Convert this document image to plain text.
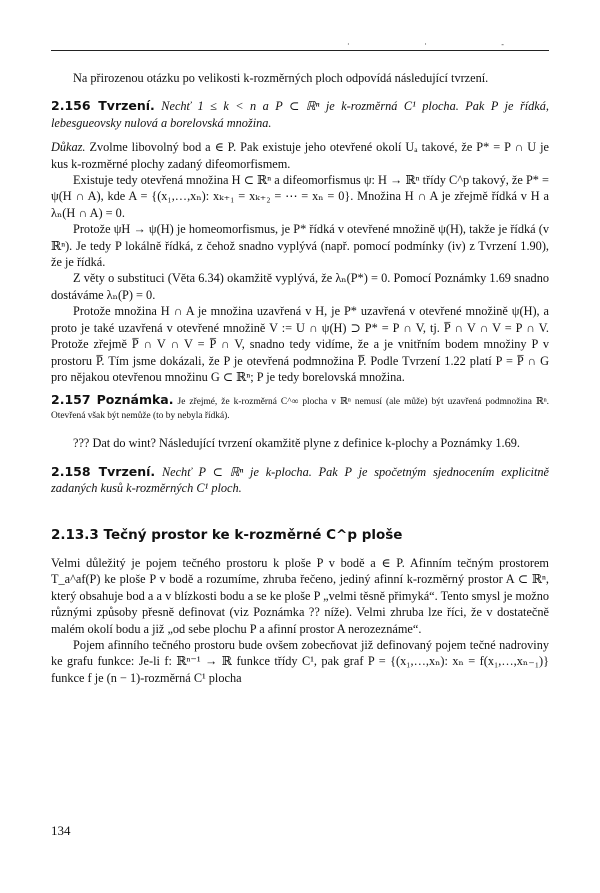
· · -

Na přirozenou otázku po velikosti k-rozměrných ploch odpovídá následující tvrzení.

2.156 Tvrzení. Nechť 1 ≤ k < n a P ⊂ ℝⁿ je k-rozměrná C¹ plocha. Pak P je řídká, lebesgueovsky nulová a borelovská množina.

Důkaz. Zvolme libovolný bod a ∈ P. Pak existuje jeho otevřené okolí Uₐ takové, že P* = P ∩ U je kus k-rozměrné plochy zadaný difeomorfismem.

Existuje tedy otevřená množina H ⊂ ℝⁿ a difeomorfismus ψ: H → ℝⁿ třídy C^p takový, že P* = ψ(H ∩ A), kde A = {(x₁,…,xₙ): xₖ₊₁ = xₖ₊₂ = ⋯ = xₙ = 0}. Množina H ∩ A je zřejmě řídká v H a λₙ(H ∩ A) = 0.

Protože ψH → ψ(H) je homeomorfismus, je P* řídká v otevřené množině ψ(H), takže je řídká (v ℝⁿ). Je tedy P lokálně řídká, z čehož snadno vyplývá (např. pomocí podmínky (iv) z Tvrzení 1.90), že je řídká.

Z věty o substituci (Věta 6.34) okamžitě vyplývá, že λₙ(P*) = 0. Pomocí Poznámky 1.69 snadno dostáváme λₙ(P) = 0.

Protože množina H ∩ A je množina uzavřená v H, je P* uzavřená v otevřené množině ψ(H), a proto je také uzavřená v otevřené množině V := U ∩ ψ(H) ⊃ P* = P ∩ V, tj. P̅ ∩ V ∩ V = P ∩ V. Protože zřejmě P̅ ∩ V ∩ V = P̅ ∩ V, snadno tedy vidíme, že a je vnitřním bodem množiny P v prostoru P̅. Tím jsme dokázali, že P je otevřená podmnožina P̅. Podle Tvrzení 1.22 platí P = P̅ ∩ G pro nějakou otevřenou množinu G ⊂ ℝⁿ; P je tedy borelovská množina.

2.157 Poznámka. Je zřejmé, že k-rozměrná C^∞ plocha v ℝⁿ nemusí (ale může) být uzavřená podmnožina ℝⁿ. Otevřená však být nemůže (to by nebyla řídká).

??? Dat do wint? Následující tvrzení okamžitě plyne z definice k-plochy a Poznámky 1.69.

2.158 Tvrzení. Nechť P ⊂ ℝⁿ je k-plocha. Pak P je spočetným sjednocením explicitně zadaných kusů k-rozměrných C¹ ploch.

2.13.3 Tečný prostor ke k-rozměrné C^p ploše

Velmi důležitý je pojem tečného prostoru k ploše P v bodě a ∈ P. Afinním tečným prostorem T_a^af(P) ke ploše P v bodě a rozumíme, zhruba řečeno, jediný afinní k-rozměrný prostor A ⊂ ℝⁿ, který obsahuje bod a a v blízkosti bodu a se ke ploše P „velmi těsně přimyká“. Tento smysl je možno různými způsoby přesně definovat (viz Poznámka ?? níže). Velmi zhruba lze říci, že v dostatečně malém okolí bodu a již „od sebe plochu P a afinní prostor A nerozeznáme“.

Pojem afinního tečného prostoru bude ovšem zobecňovat již definovaný pojem tečné nadroviny ke grafu funkce: Je-li f: ℝⁿ⁻¹ → ℝ funkce třídy C¹, pak graf P = {(x₁,…,xₙ): xₙ = f(x₁,…,xₙ₋₁)} funkce f je (n − 1)-rozměrná C¹ plocha

134
